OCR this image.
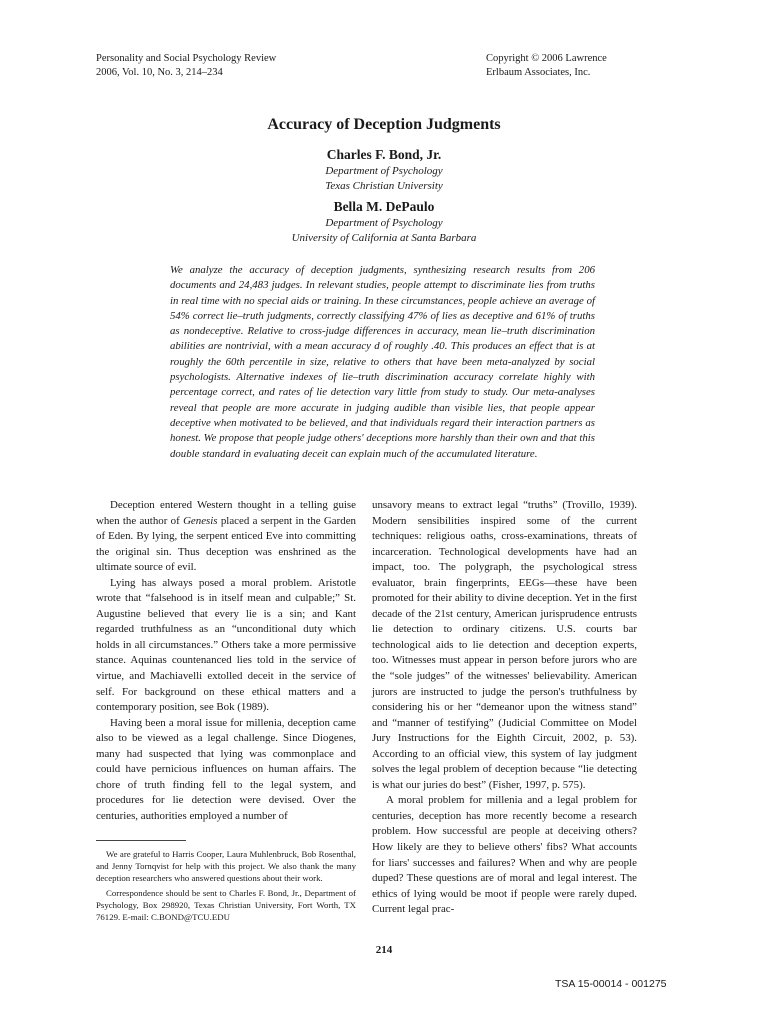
Personality and Social Psychology Review
2006, Vol. 10, No. 3, 214–234
Copyright © 2006 Lawrence
Erlbaum Associates, Inc.
Accuracy of Deception Judgments
Charles F. Bond, Jr.
Department of Psychology
Texas Christian University
Bella M. DePaulo
Department of Psychology
University of California at Santa Barbara

We analyze the accuracy of deception judgments, synthesizing research results from 206 documents and 24,483 judges. In relevant studies, people attempt to discriminate lies from truths in real time with no special aids or training. In these circumstances, people achieve an average of 54% correct lie–truth judgments, correctly classifying 47% of lies as deceptive and 61% of truths as nondeceptive. Relative to cross-judge differences in accuracy, mean lie–truth discrimination abilities are nontrivial, with a mean accuracy d of roughly .40. This produces an effect that is at roughly the 60th percentile in size, relative to others that have been meta-analyzed by social psychologists. Alternative indexes of lie–truth discrimination accuracy correlate highly with percentage correct, and rates of lie detection vary little from study to study. Our meta-analyses reveal that people are more accurate in judging audible than visible lies, that people appear deceptive when motivated to be believed, and that individuals regard their interaction partners as honest. We propose that people judge others' deceptions more harshly than their own and that this double standard in evaluating deceit can explain much of the accumulated literature.

Deception entered Western thought in a telling guise when the author of Genesis placed a serpent in the Garden of Eden. By lying, the serpent enticed Eve into committing the original sin. Thus deception was enshrined as the ultimate source of evil.

Lying has always posed a moral problem. Aristotle wrote that “falsehood is in itself mean and culpable;” St. Augustine believed that every lie is a sin; and Kant regarded truthfulness as an “unconditional duty which holds in all circumstances.” Others take a more permissive stance. Aquinas countenanced lies told in the service of virtue, and Machiavelli extolled deceit in the service of self. For background on these ethical matters and a contemporary position, see Bok (1989).

Having been a moral issue for millenia, deception came also to be viewed as a legal challenge. Since Diogenes, many had suspected that lying was commonplace and could have pernicious influences on human affairs. The chore of truth finding fell to the legal system, and procedures for lie detection were devised. Over the centuries, authorities employed a number of

unsavory means to extract legal “truths” (Trovillo, 1939). Modern sensibilities inspired some of the current techniques: religious oaths, cross-examinations, threats of incarceration. Technological developments have had an impact, too. The polygraph, the psychological stress evaluator, brain fingerprints, EEGs—these have been promoted for their ability to divine deception. Yet in the first decade of the 21st century, American jurisprudence entrusts lie detection to ordinary citizens. U.S. courts bar technological aids to lie detection and deception experts, too. Witnesses must appear in person before jurors who are the “sole judges” of the witnesses' believability. American jurors are instructed to judge the person's truthfulness by considering his or her “demeanor upon the witness stand” and “manner of testifying” (Judicial Committee on Model Jury Instructions for the Eighth Circuit, 2002, p. 53). According to an official view, this system of lay judgment solves the legal problem of deception because “lie detecting is what our juries do best” (Fisher, 1997, p. 575).

A moral problem for millenia and a legal problem for centuries, deception has more recently become a research problem. How successful are people at deceiving others? How likely are they to believe others' fibs? What accounts for liars' successes and failures? When and why are people duped? These questions are of moral and legal interest. The ethics of lying would be moot if people were rarely duped. Current legal prac-

We are grateful to Harris Cooper, Laura Muhlenbruck, Bob Rosenthal, and Jenny Tornqvist for help with this project. We also thank the many deception researchers who answered questions about their work.

Correspondence should be sent to Charles F. Bond, Jr., Department of Psychology, Box 298920, Texas Christian University, Fort Worth, TX 76129. E-mail: C.BOND@TCU.EDU

214
TSA 15-00014 - 001275
